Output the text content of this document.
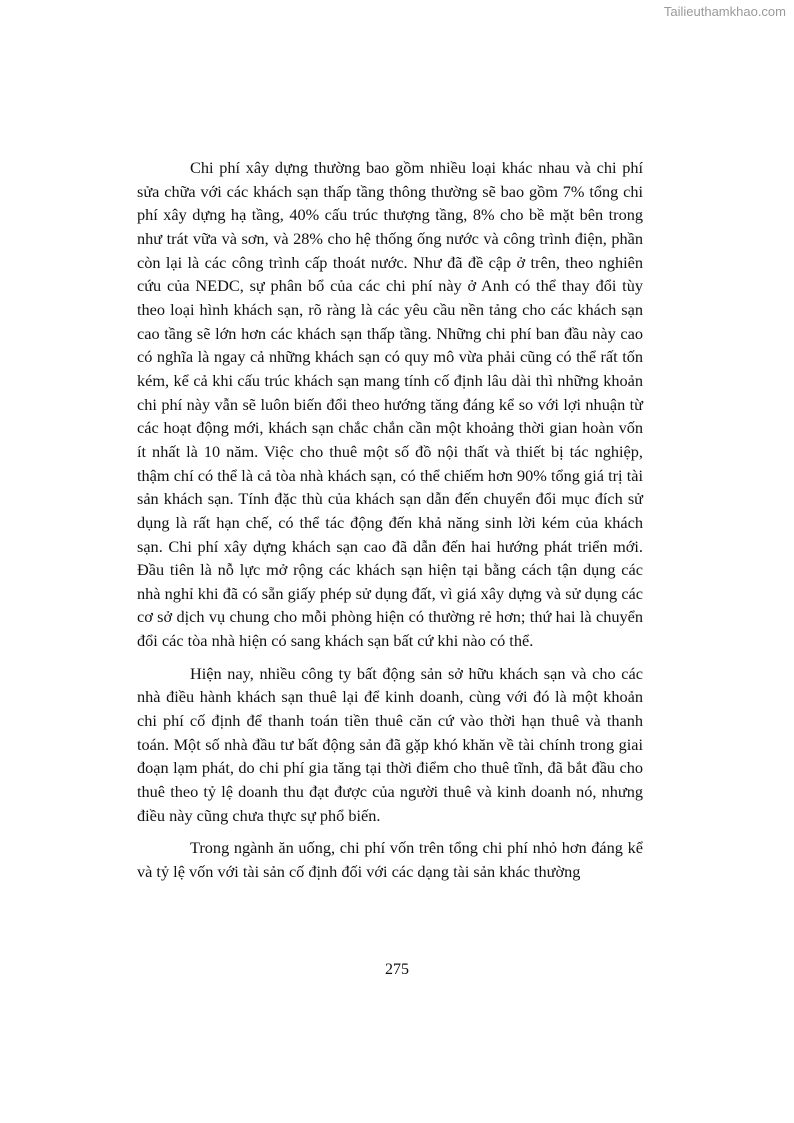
Tailieuthamkhao.com

Chi phí xây dựng thường bao gồm nhiều loại khác nhau và chi phí sửa chữa với các khách sạn thấp tầng thông thường sẽ bao gồm 7% tổng chi phí xây dựng hạ tầng, 40% cấu trúc thượng tầng, 8% cho bề mặt bên trong như trát vữa và sơn, và 28% cho hệ thống ống nước và công trình điện, phần còn lại là các công trình cấp thoát nước. Như đã đề cập ở trên, theo nghiên cứu của NEDC, sự phân bổ của các chi phí này ở Anh có thể thay đổi tùy theo loại hình khách sạn, rõ ràng là các yêu cầu nền tảng cho các khách sạn cao tầng sẽ lớn hơn các khách sạn thấp tầng. Những chi phí ban đầu này cao có nghĩa là ngay cả những khách sạn có quy mô vừa phải cũng có thể rất tốn kém, kể cả khi cấu trúc khách sạn mang tính cố định lâu dài thì những khoản chi phí này vẫn sẽ luôn biến đổi theo hướng tăng đáng kể so với lợi nhuận từ các hoạt động mới, khách sạn chắc chắn cần một khoảng thời gian hoàn vốn ít nhất là 10 năm. Việc cho thuê một số đồ nội thất và thiết bị tác nghiệp, thậm chí có thể là cả tòa nhà khách sạn, có thể chiếm hơn 90% tổng giá trị tài sản khách sạn. Tính đặc thù của khách sạn dẫn đến chuyển đổi mục đích sử dụng là rất hạn chế, có thể tác động đến khả năng sinh lời kém của khách sạn. Chi phí xây dựng khách sạn cao đã dẫn đến hai hướng phát triển mới. Đầu tiên là nỗ lực mở rộng các khách sạn hiện tại bằng cách tận dụng các nhà nghỉ khi đã có sẵn giấy phép sử dụng đất, vì giá xây dựng và sử dụng các cơ sở dịch vụ chung cho mỗi phòng hiện có thường rẻ hơn; thứ hai là chuyển đổi các tòa nhà hiện có sang khách sạn bất cứ khi nào có thể.

Hiện nay, nhiều công ty bất động sản sở hữu khách sạn và cho các nhà điều hành khách sạn thuê lại để kinh doanh, cùng với đó là một khoản chi phí cố định để thanh toán tiền thuê căn cứ vào thời hạn thuê và thanh toán. Một số nhà đầu tư bất động sản đã gặp khó khăn về tài chính trong giai đoạn lạm phát, do chi phí gia tăng tại thời điểm cho thuê tĩnh, đã bắt đầu cho thuê theo tỷ lệ doanh thu đạt được của người thuê và kinh doanh nó, nhưng điều này cũng chưa thực sự phổ biến.

Trong ngành ăn uống, chi phí vốn trên tổng chi phí nhỏ hơn đáng kể và tỷ lệ vốn với tài sản cố định đối với các dạng tài sản khác thường

275
